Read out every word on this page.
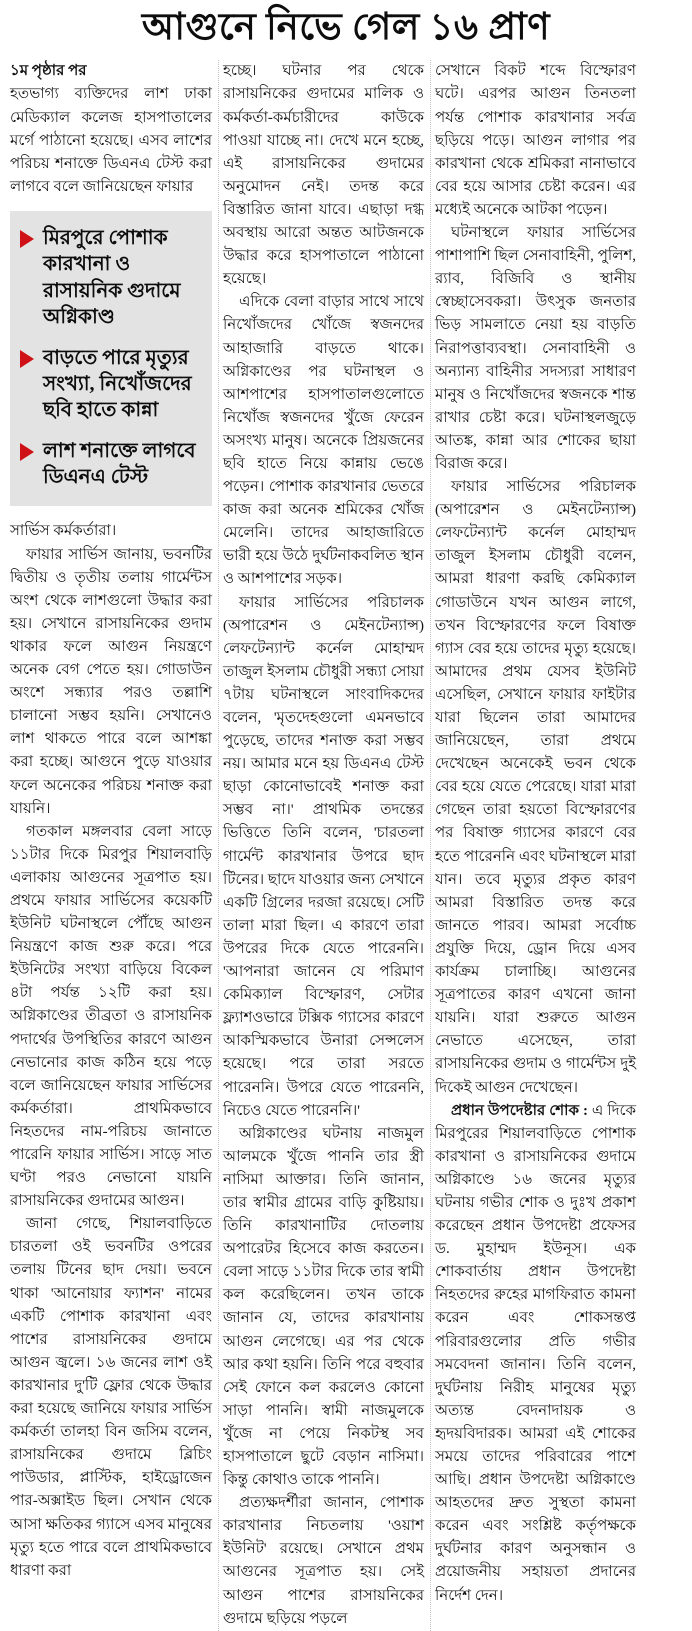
আগুনে নিভে গেল ১৬ প্রাণ

১ম পৃষ্ঠার পর

হতভাগ্য ব্যক্তিদের লাশ ঢাকা মেডিক্যাল কলেজ হাসপাতালের মর্গে পাঠানো হয়েছে। এসব লাশের পরিচয় শনাক্তে ডিএনএ টেস্ট করা লাগবে বলে জানিয়েছেন ফায়ার

মিরপুরে পোশাক কারখানা ও রাসায়নিক গুদামে অগ্নিকাণ্ড
বাড়তে পারে মৃত্যুর সংখ্যা, নিখোঁজদের ছবি হাতে কান্না
লাশ শনাক্তে লাগবে ডিএনএ টেস্ট

সার্ভিস কর্মকর্তারা।

ফায়ার সার্ভিস জানায়, ভবনটির দ্বিতীয় ও তৃতীয় তলায় গার্মেন্টস অংশ থেকে লাশগুলো উদ্ধার করা হয়। সেখানে রাসায়নিকের গুদাম থাকার ফলে আগুন নিয়ন্ত্রণে অনেক বেগ পেতে হয়। গোডাউন অংশে সন্ধ্যার পরও তল্লাশি চালানো সম্ভব হয়নি। সেখানেও লাশ থাকতে পারে বলে আশঙ্কা করা হচ্ছে। আগুনে পুড়ে যাওয়ার ফলে অনেকের পরিচয় শনাক্ত করা যায়নি।

গতকাল মঙ্গলবার বেলা সাড়ে ১১টার দিকে মিরপুর শিয়ালবাড়ি এলাকায় আগুনের সূত্রপাত হয়। প্রথমে ফায়ার সার্ভিসের কয়েকটি ইউনিট ঘটনাস্থলে পৌঁছে আগুন নিয়ন্ত্রণে কাজ শুরু করে। পরে ইউনিটের সংখ্যা বাড়িয়ে বিকেল ৪টা পর্যন্ত ১২টি করা হয়। অগ্নিকাণ্ডের তীব্রতা ও রাসায়নিক পদার্থের উপস্থিতির কারণে আগুন নেভানোর কাজ কঠিন হয়ে পড়ে বলে জানিয়েছেন ফায়ার সার্ভিসের কর্মকর্তারা। প্রাথমিকভাবে নিহতদের নাম-পরিচয় জানাতে পারেনি ফায়ার সার্ভিস। সাড়ে সাত ঘণ্টা পরও নেভানো যায়নি রাসায়নিকের গুদামের আগুন।

জানা গেছে, শিয়ালবাড়িতে চারতলা ওই ভবনটির ওপরের তলায় টিনের ছাদ দেয়া। ভবনে থাকা 'আনোয়ার ফ্যাশন' নামের একটি পোশাক কারখানা এবং পাশের রাসায়নিকের গুদামে আগুন জ্বলে। ১৬ জনের লাশ ওই কারখানার দু'টি ফ্লোর থেকে উদ্ধার করা হয়েছে জানিয়ে ফায়ার সার্ভিস কর্মকর্তা তালহা বিন জসিম বলেন, রাসায়নিকের গুদামে ব্লিচিং পাউডার, প্লাস্টিক, হাইড্রোজেন পার-অক্সাইড ছিল। সেখান থেকে আসা ক্ষতিকর গ্যাসে এসব মানুষের মৃত্যু হতে পারে বলে প্রাথমিকভাবে ধারণা করা

হচ্ছে। ঘটনার পর থেকে রাসায়নিকের গুদামের মালিক ও কর্মকর্তা-কর্মচারীদের কাউকে পাওয়া যাচ্ছে না। দেখে মনে হচ্ছে, এই রাসায়নিকের গুদামের অনুমোদন নেই। তদন্ত করে বিস্তারিত জানা যাবে। এছাড়া দগ্ধ অবস্থায় আরো অন্তত আটজনকে উদ্ধার করে হাসপাতালে পাঠানো হয়েছে।

এদিকে বেলা বাড়ার সাথে সাথে নিখোঁজদের খোঁজে স্বজনদের আহাজারি বাড়তে থাকে। অগ্নিকাণ্ডের পর ঘটনাস্থল ও আশপাশের হাসপাতালগুলোতে নিখোঁজ স্বজনদের খুঁজে ফেরেন অসংখ্য মানুষ। অনেকে প্রিয়জনের ছবি হাতে নিয়ে কান্নায় ভেঙে পড়েন। পোশাক কারখানার ভেতরে কাজ করা অনেক শ্রমিকের খোঁজ মেলেনি। তাদের আহাজারিতে ভারী হয়ে উঠে দুর্ঘটনাকবলিত স্থান ও আশপাশের সড়ক।

ফায়ার সার্ভিসের পরিচালক (অপারেশন ও মেইনটেন্যান্স) লেফটেন্যান্ট কর্নেল মোহাম্মদ তাজুল ইসলাম চৌধুরী সন্ধ্যা সোয়া ৭টায় ঘটনাস্থলে সাংবাদিকদের বলেন, 'মৃতদেহগুলো এমনভাবে পুড়েছে, তাদের শনাক্ত করা সম্ভব নয়। আমার মনে হয় ডিএনএ টেস্ট ছাড়া কোনোভাবেই শনাক্ত করা সম্ভব না।' প্রাথমিক তদন্তের ভিত্তিতে তিনি বলেন, 'চারতলা গার্মেন্ট কারখানার উপরে ছাদ টিনের। ছাদে যাওয়ার জন্য সেখানে একটি গ্রিলের দরজা রয়েছে। সেটি তালা মারা ছিল। এ কারণে তারা উপরের দিকে যেতে পারেননি। 'আপনারা জানেন যে পরিমাণ কেমিক্যাল বিস্ফোরণ, সেটার ফ্ল্যাশওভারে টক্সিক গ্যাসের কারণে আকস্মিকভাবে উনারা সেন্সলেস হয়েছে। পরে তারা সরতে পারেননি। উপরে যেতে পারেননি, নিচেও যেতে পারেননি।'

অগ্নিকাণ্ডের ঘটনায় নাজমুল আলমকে খুঁজে পাননি তার স্ত্রী নাসিমা আক্তার। তিনি জানান, তার স্বামীর গ্রামের বাড়ি কুষ্টিয়ায়। তিনি কারখানাটির দোতলায় অপারেটর হিসেবে কাজ করতেন। বেলা সাড়ে ১১টার দিকে তার স্বামী কল করেছিলেন। তখন তাকে জানান যে, তাদের কারখানায় আগুন লেগেছে। এর পর থেকে আর কথা হয়নি। তিনি পরে বহুবার সেই ফোনে কল করলেও কোনো সাড়া পাননি। স্বামী নাজমুলকে খুঁজে না পেয়ে নিকটস্থ সব হাসপাতালে ছুটে বেড়ান নাসিমা। কিন্তু কোথাও তাকে পাননি।

প্রত্যক্ষদর্শীরা জানান, পোশাক কারখানার নিচতলায় 'ওয়াশ ইউনিট' রয়েছে। সেখানে প্রথম আগুনের সূত্রপাত হয়। সেই আগুন পাশের রাসায়নিকের গুদামে ছড়িয়ে পড়লে

সেখানে বিকট শব্দে বিস্ফোরণ ঘটে। এরপর আগুন তিনতলা পর্যন্ত পোশাক কারখানার সর্বত্র ছড়িয়ে পড়ে। আগুন লাগার পর কারখানা থেকে শ্রমিকরা নানাভাবে বের হয়ে আসার চেষ্টা করেন। এর মধ্যেই অনেকে আটকা পড়েন।

ঘটনাস্থলে ফায়ার সার্ভিসের পাশাপাশি ছিল সেনাবাহিনী, পুলিশ, র‍্যাব, বিজিবি ও স্থানীয় স্বেচ্ছাসেবকরা। উৎসুক জনতার ভিড় সামলাতে নেয়া হয় বাড়তি নিরাপত্তাব্যবস্থা। সেনাবাহিনী ও অন্যান্য বাহিনীর সদস্যরা সাধারণ মানুষ ও নিখোঁজদের স্বজনকে শান্ত রাখার চেষ্টা করে। ঘটনাস্থলজুড়ে আতঙ্ক, কান্না আর শোকের ছায়া বিরাজ করে।

ফায়ার সার্ভিসের পরিচালক (অপারেশন ও মেইনটেন্যান্স) লেফটেন্যান্ট কর্নেল মোহাম্মদ তাজুল ইসলাম চৌধুরী বলেন, আমরা ধারণা করছি কেমিক্যাল গোডাউনে যখন আগুন লাগে, তখন বিস্ফোরণের ফলে বিষাক্ত গ্যাস বের হয়ে তাদের মৃত্যু হয়েছে। আমাদের প্রথম যেসব ইউনিট এসেছিল, সেখানে ফায়ার ফাইটার যারা ছিলেন তারা আমাদের জানিয়েছেন, তারা প্রথমে দেখেছেন অনেকেই ভবন থেকে বের হয়ে যেতে পেরেছে। যারা মারা গেছেন তারা হয়তো বিস্ফোরণের পর বিষাক্ত গ্যাসের কারণে বের হতে পারেননি এবং ঘটনাস্থলে মারা যান। তবে মৃত্যুর প্রকৃত কারণ আমরা বিস্তারিত তদন্ত করে জানতে পারব। আমরা সর্বোচ্চ প্রযুক্তি দিয়ে, ড্রোন দিয়ে এসব কার্যক্রম চালাচ্ছি। আগুনের সূত্রপাতের কারণ এখনো জানা যায়নি। যারা শুরুতে আগুন নেভাতে এসেছেন, তারা রাসায়নিকের গুদাম ও গার্মেন্টস দুই দিকেই আগুন দেখেছেন।

প্রধান উপদেষ্টার শোক : এ দিকে মিরপুরের শিয়ালবাড়িতে পোশাক কারখানা ও রাসায়নিকের গুদামে অগ্নিকাণ্ডে ১৬ জনের মৃত্যুর ঘটনায় গভীর শোক ও দুঃখ প্রকাশ করেছেন প্রধান উপদেষ্টা প্রফেসর ড. মুহাম্মদ ইউনূস। এক শোকবার্তায় প্রধান উপদেষ্টা নিহতদের রুহের মাগফিরাত কামনা করেন এবং শোকসন্তপ্ত পরিবারগুলোর প্রতি গভীর সমবেদনা জানান। তিনি বলেন, দুর্ঘটনায় নিরীহ মানুষের মৃত্যু অত্যন্ত বেদনাদায়ক ও হৃদয়বিদারক। আমরা এই শোকের সময়ে তাদের পরিবারের পাশে আছি। প্রধান উপদেষ্টা অগ্নিকাণ্ডে আহতদের দ্রুত সুস্থতা কামনা করেন এবং সংশ্লিষ্ট কর্তৃপক্ষকে দুর্ঘটনার কারণ অনুসন্ধান ও প্রয়োজনীয় সহায়তা প্রদানের নির্দেশ দেন।
